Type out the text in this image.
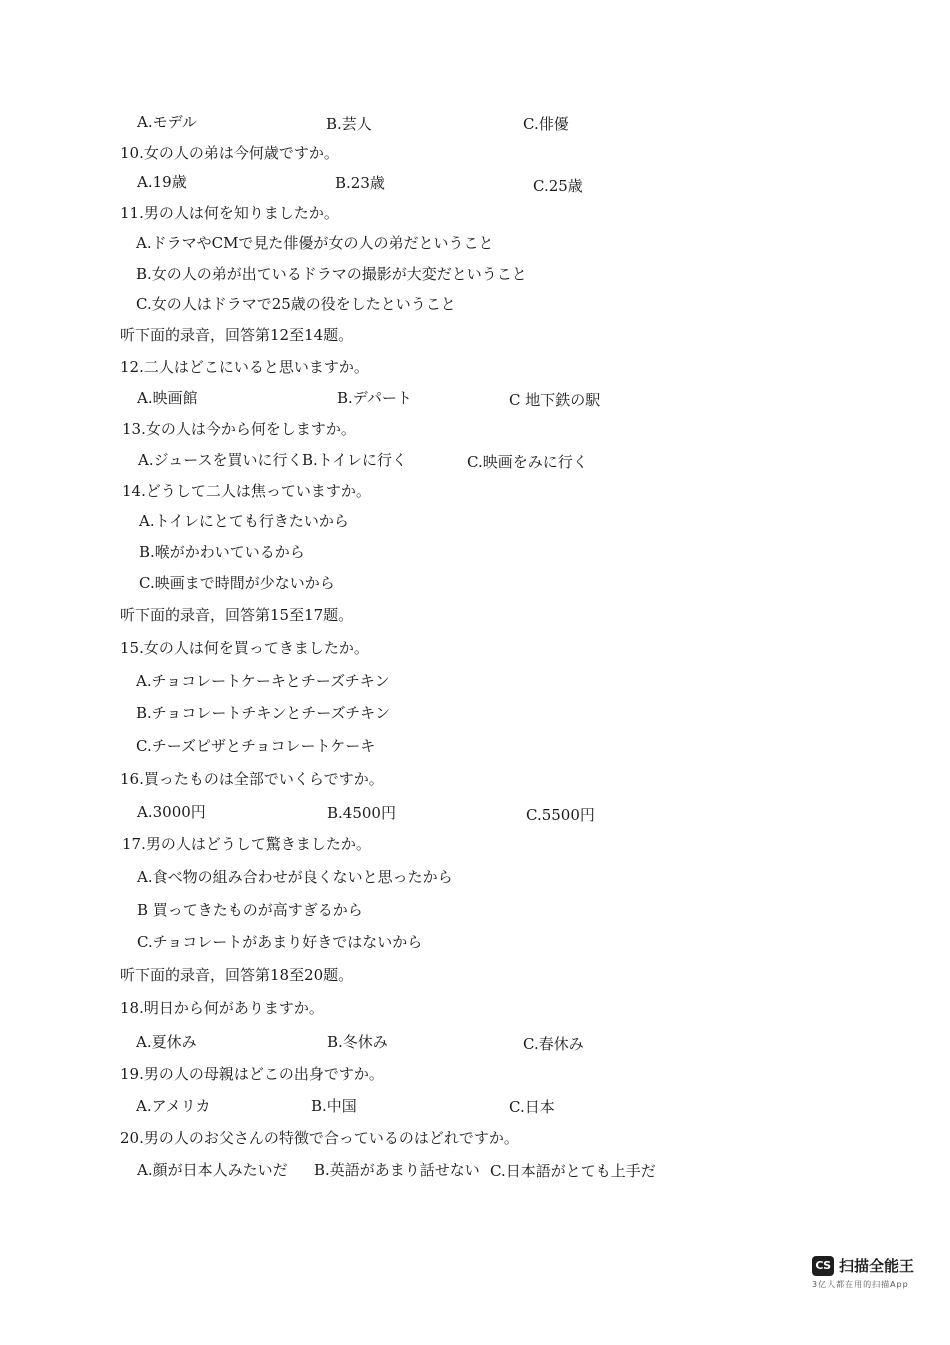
A.モデル	B.芸人	C.俳優
10.女の人の弟は今何歳ですか。
A.19歳	B.23歳	C.25歳
11.男の人は何を知りましたか。
A.ドラマやCMで見た俳優が女の人の弟だということ
B.女の人の弟が出ているドラマの撮影が大変だということ
C.女の人はドラマで25歳の役をしたということ
听下面的录音，回答第12至14题。
12.二人はどこにいると思いますか。
A.映画館	B.デパート	C 地下鉄の駅
13.女の人は今から何をしますか。
A.ジュースを買いに行く B.トイレに行く	C.映画をみに行く
14.どうして二人は焦っていますか。
A.トイレにとても行きたいから
B.喉がかわいているから
C.映画まで時間が少ないから
听下面的录音，回答第15至17题。
15.女の人は何を買ってきましたか。
A.チョコレートケーキとチーズチキン
B.チョコレートチキンとチーズチキン
C.チーズピザとチョコレートケーキ
16.買ったものは全部でいくらですか。
A.3000円	B.4500円	C.5500円
17.男の人はどうして驚きましたか。
A.食べ物の組み合わせが良くないと思ったから
B 買ってきたものが高すぎるから
C.チョコレートがあまり好きではないから
听下面的录音，回答第18至20题。
18.明日から何がありますか。
A.夏休み	B.冬休み	C.春休み
19.男の人の母親はどこの出身ですか。
A.アメリカ	B.中国	C.日本
20.男の人のお父さんの特徴で合っているのはどれですか。
A.顔が日本人みたいだ B.英語があまり話せない C.日本語がとても上手だ
CS 扫描全能王
3亿人都在用的扫描App
